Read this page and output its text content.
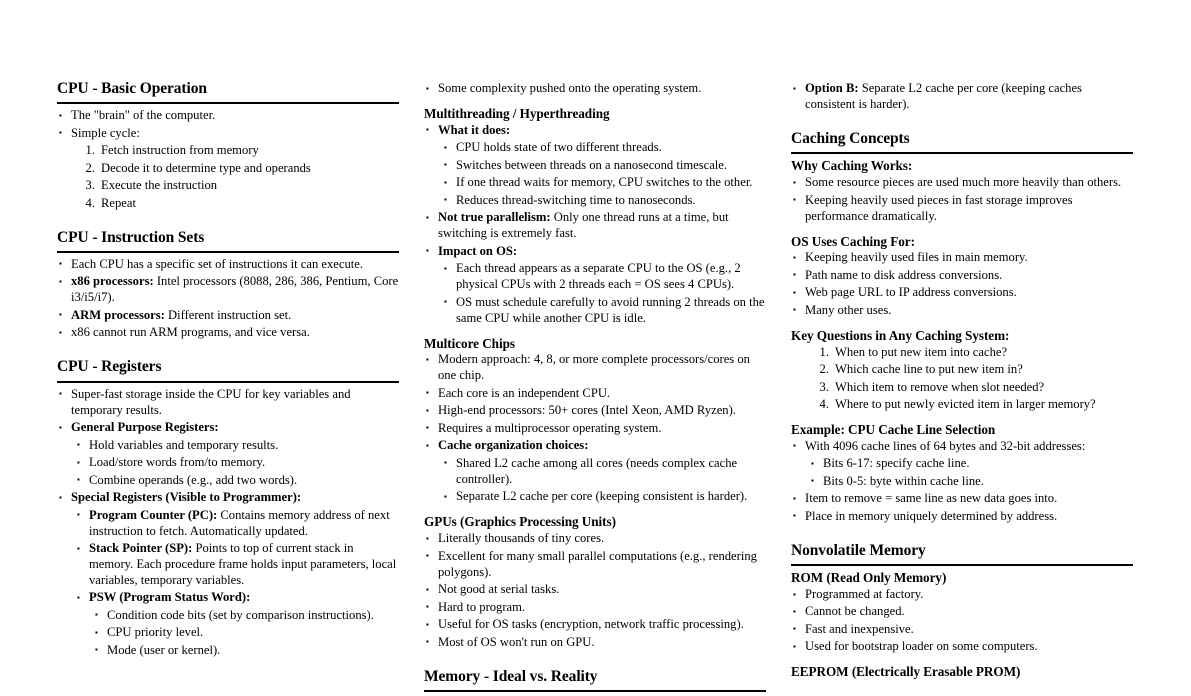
CPU - Basic Operation
▪ The "brain" of the computer.
▪ Simple cycle:
Fetch instruction from memory
Decode it to determine type and operands
Execute the instruction
Repeat
CPU - Instruction Sets
▪ Each CPU has a specific set of instructions it can execute.
▪ x86 processors: Intel processors (8088, 286, 386, Pentium, Core i3/i5/i7).
▪ ARM processors: Different instruction set.
▪ x86 cannot run ARM programs, and vice versa.
CPU - Registers
▪ Super-fast storage inside the CPU for key variables and temporary results.
▪ General Purpose Registers:
▪ Hold variables and temporary results.
▪ Load/store words from/to memory.
▪ Combine operands (e.g., add two words).
▪ Special Registers (Visible to Programmer):
▪ Program Counter (PC): Contains memory address of next instruction to fetch. Automatically updated.
▪ Stack Pointer (SP): Points to top of current stack in memory. Each procedure frame holds input parameters, local variables, temporary variables.
▪ PSW (Program Status Word):
▪ Condition code bits (set by comparison instructions).
▪ CPU priority level.
▪ Mode (user or kernel).
▪ Some complexity pushed onto the operating system.
Multithreading / Hyperthreading
▪ What it does:
▪ CPU holds state of two different threads.
▪ Switches between threads on a nanosecond timescale.
▪ If one thread waits for memory, CPU switches to the other.
▪ Reduces thread-switching time to nanoseconds.
▪ Not true parallelism: Only one thread runs at a time, but switching is extremely fast.
▪ Impact on OS:
▪ Each thread appears as a separate CPU to the OS (e.g., 2 physical CPUs with 2 threads each = OS sees 4 CPUs).
▪ OS must schedule carefully to avoid running 2 threads on the same CPU while another CPU is idle.
Multicore Chips
▪ Modern approach: 4, 8, or more complete processors/cores on one chip.
▪ Each core is an independent CPU.
▪ High-end processors: 50+ cores (Intel Xeon, AMD Ryzen).
▪ Requires a multiprocessor operating system.
▪ Cache organization choices:
▪ Shared L2 cache among all cores (needs complex cache controller).
▪ Separate L2 cache per core (keeping consistent is harder).
GPUs (Graphics Processing Units)
▪ Literally thousands of tiny cores.
▪ Excellent for many small parallel computations (e.g., rendering polygons).
▪ Not good at serial tasks.
▪ Hard to program.
▪ Useful for OS tasks (encryption, network traffic processing).
▪ Most of OS won't run on GPU.
Memory - Ideal vs. Reality
▪ Option B: Separate L2 cache per core (keeping caches consistent is harder).
Caching Concepts
Why Caching Works:
▪ Some resource pieces are used much more heavily than others.
▪ Keeping heavily used pieces in fast storage improves performance dramatically.
OS Uses Caching For:
▪ Keeping heavily used files in main memory.
▪ Path name to disk address conversions.
▪ Web page URL to IP address conversions.
▪ Many other uses.
Key Questions in Any Caching System:
When to put new item into cache?
Which cache line to put new item in?
Which item to remove when slot needed?
Where to put newly evicted item in larger memory?
Example: CPU Cache Line Selection
▪ With 4096 cache lines of 64 bytes and 32-bit addresses:
▪ Bits 6-17: specify cache line.
▪ Bits 0-5: byte within cache line.
▪ Item to remove = same line as new data goes into.
▪ Place in memory uniquely determined by address.
Nonvolatile Memory
ROM (Read Only Memory)
▪ Programmed at factory.
▪ Cannot be changed.
▪ Fast and inexpensive.
▪ Used for bootstrap loader on some computers.
EEPROM (Electrically Erasable PROM)
